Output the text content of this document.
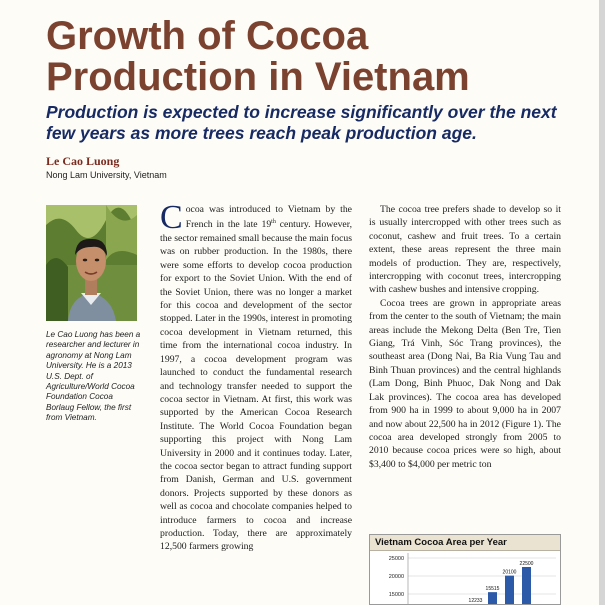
Growth of Cocoa Production in Vietnam
Production is expected to increase significantly over the next few years as more trees reach peak production age.
Le Cao Luong
Nong Lam University, Vietnam

Le Cao Luong has been a researcher and lecturer in agronomy at Nong Lam University. He is a 2013 U.S. Dept. of Agriculture/World Cocoa Foundation Cocoa Borlaug Fellow, the first from Vietnam.

Cocoa was introduced to Vietnam by the French in the late 19th century. However, the sector remained small because the main focus was on rubber production. In the 1980s, there were some efforts to develop cocoa production for export to the Soviet Union. With the end of the Soviet Union, there was no longer a market for this cocoa and development of the sector stopped. Later in the 1990s, interest in promoting cocoa development in Vietnam returned, this time from the international cocoa industry. In 1997, a cocoa development program was launched to conduct the fundamental research and technology transfer needed to support the cocoa sector in Vietnam. At first, this work was supported by the American Cocoa Research Institute. The World Cocoa Foundation began supporting this project with Nong Lam University in 2000 and it continues today. Later, the cocoa sector began to attract funding support from Danish, German and U.S. government donors. Projects supported by these donors as well as cocoa and chocolate companies helped to introduce farmers to cocoa and increase production. Today, there are approximately 12,500 farmers growing

The cocoa tree prefers shade to develop so it is usually intercropped with other trees such as coconut, cashew and fruit trees. To a certain extent, these areas represent the three main models of production. They are, respectively, intercropping with coconut trees, intercropping with cashew bushes and intensive cropping.

Cocoa trees are grown in appropriate areas from the center to the south of Vietnam; the main areas include the Mekong Delta (Ben Tre, Tien Giang, Trá Vinh, Sóc Trang provinces), the southeast area (Dong Nai, Ba Ria Vung Tau and Binh Thuan provinces) and the central highlands (Lam Dong, Binh Phuoc, Dak Nong and Dak Lak provinces). The cocoa area has developed from 900 ha in 1999 to about 9,000 ha in 2007 and now about 22,500 ha in 2012 (Figure 1). The cocoa area developed strongly from 2005 to 2010 because cocoa prices were so high, about $3,400 to $4,000 per metric ton

Vietnam Cocoa Area per Year
25000
20000
15000
12233
15515
20100
22500
